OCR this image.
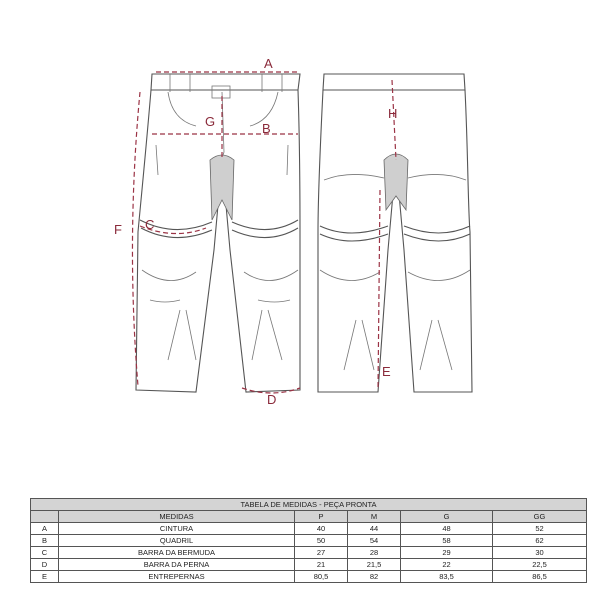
A
B
G
F C
D
H
E
TABELA DE MEDIDAS - PEÇA PRONTA					
	MEDIDAS	P	M	G	GG
A	CINTURA	40	44	48	52
B	QUADRIL	50	54	58	62
C	BARRA DA BERMUDA	27	28	29	30
D	BARRA DA PERNA	21	21,5	22	22,5
E	ENTREPERNAS	80,5	82	83,5	86,5
